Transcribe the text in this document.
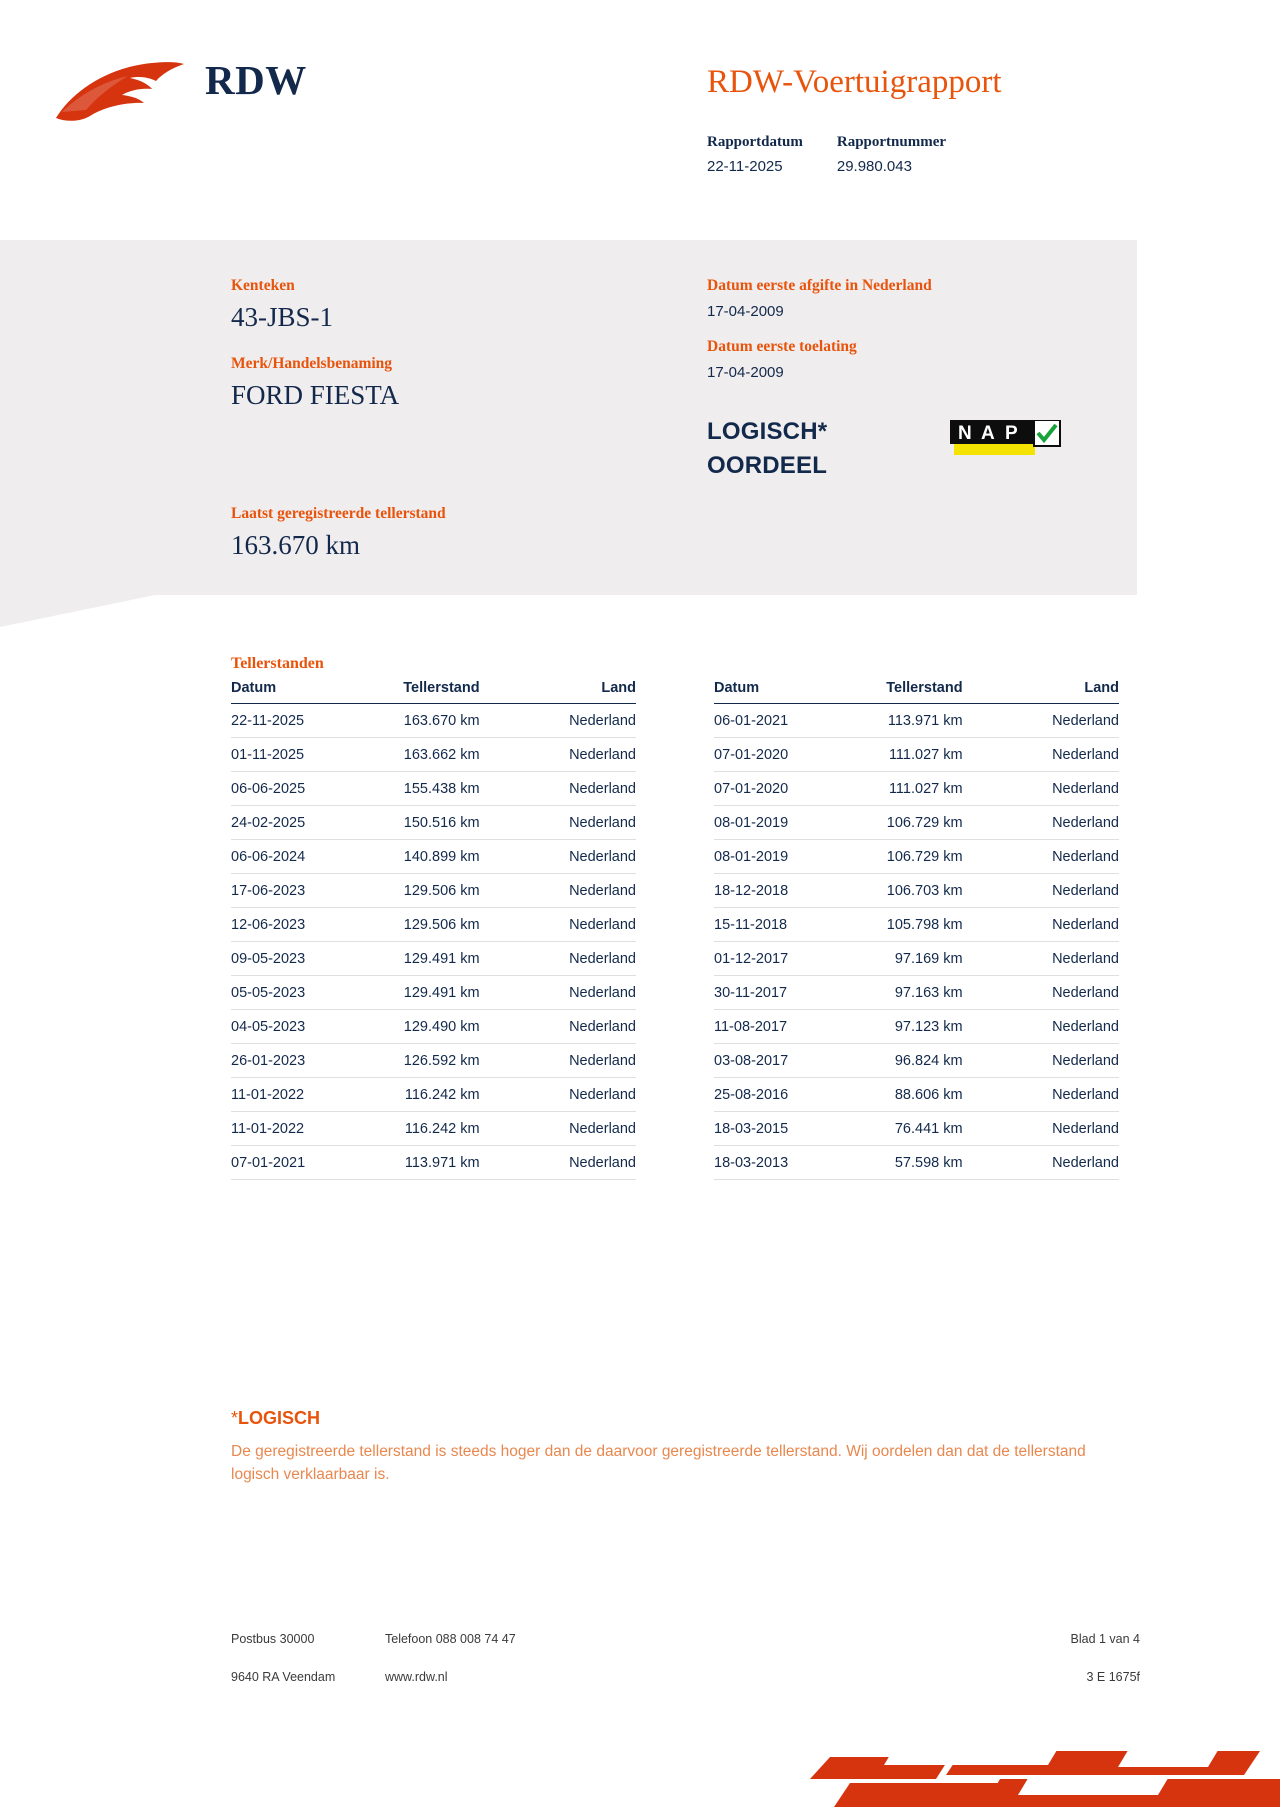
RDW	RDW-Voertuigrapport
Rapportdatum
22-11-2025
Rapportnummer
29.980.043
Kenteken
43-JBS-1
Merk/Handelsbenaming
FORD FIESTA
Laatst geregistreerde tellerstand
163.670 km
Datum eerste afgifte in Nederland
17-04-2009
Datum eerste toelating
17-04-2009
LOGISCH*
OORDEEL
N A P
Tellerstanden
Datum	Tellerstand	Land
22-11-2025	163.670 km	Nederland
01-11-2025	163.662 km	Nederland
06-06-2025	155.438 km	Nederland
24-02-2025	150.516 km	Nederland
06-06-2024	140.899 km	Nederland
17-06-2023	129.506 km	Nederland
12-06-2023	129.506 km	Nederland
09-05-2023	129.491 km	Nederland
05-05-2023	129.491 km	Nederland
04-05-2023	129.490 km	Nederland
26-01-2023	126.592 km	Nederland
11-01-2022	116.242 km	Nederland
11-01-2022	116.242 km	Nederland
07-01-2021	113.971 km	Nederland
Datum	Tellerstand	Land
06-01-2021	113.971 km	Nederland
07-01-2020	111.027 km	Nederland
07-01-2020	111.027 km	Nederland
08-01-2019	106.729 km	Nederland
08-01-2019	106.729 km	Nederland
18-12-2018	106.703 km	Nederland
15-11-2018	105.798 km	Nederland
01-12-2017	97.169 km	Nederland
30-11-2017	97.163 km	Nederland
11-08-2017	97.123 km	Nederland
03-08-2017	96.824 km	Nederland
25-08-2016	88.606 km	Nederland
18-03-2015	76.441 km	Nederland
18-03-2013	57.598 km	Nederland
*LOGISCH
De geregistreerde tellerstand is steeds hoger dan de daarvoor geregistreerde tellerstand. Wij oordelen dan dat de tellerstand logisch verklaarbaar is.
Postbus 30000
9640 RA Veendam
Telefoon 088 008 74 47
www.rdw.nl
Blad 1 van 4
3 E 1675f
